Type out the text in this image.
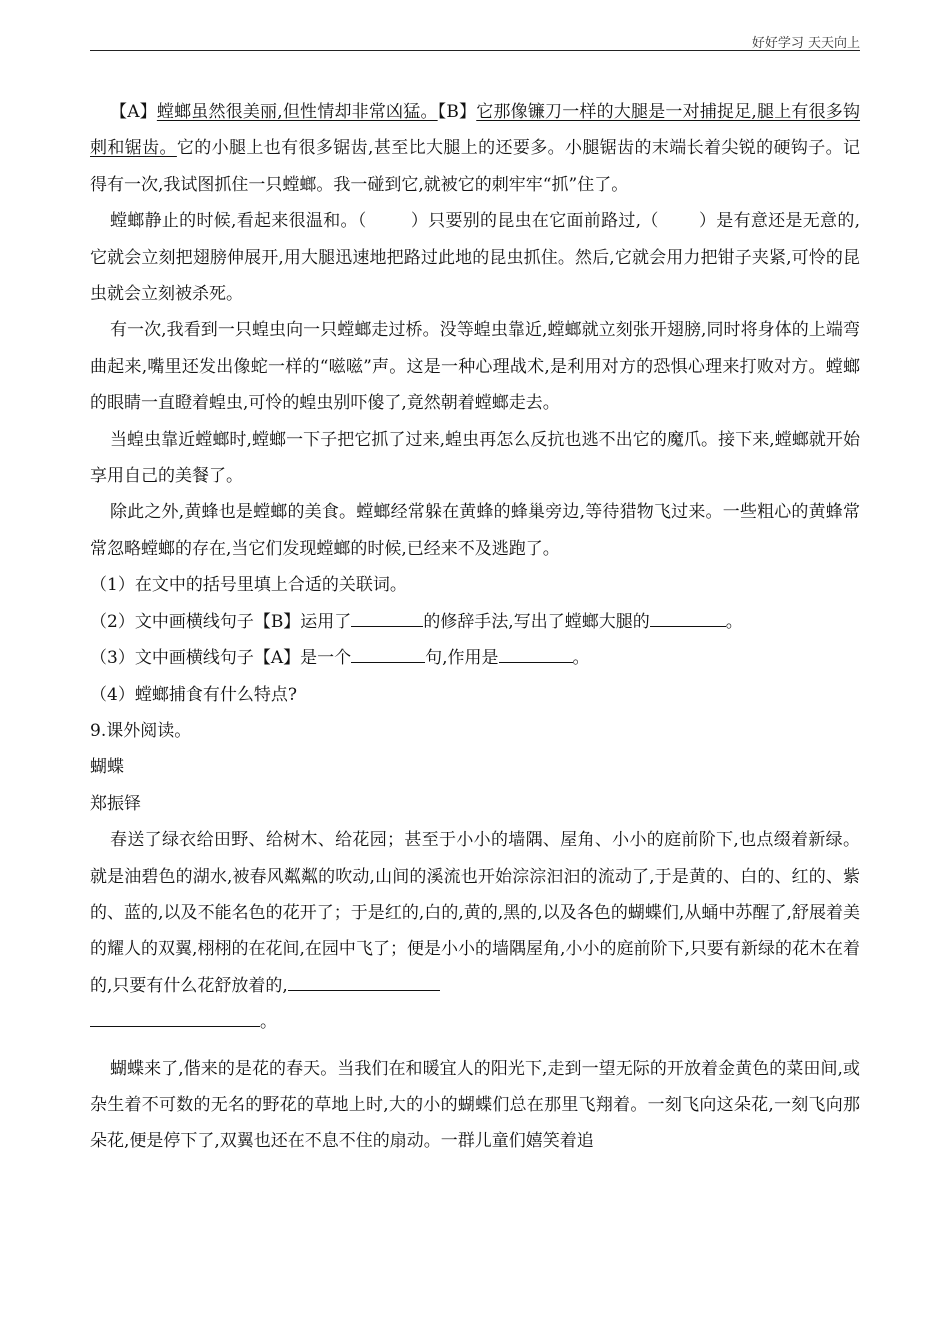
好好学习 天天向上

【A】螳螂虽然很美丽,但性情却非常凶猛。【B】它那像镰刀一样的大腿是一对捕捉足,腿上有很多钩刺和锯齿。它的小腿上也有很多锯齿,甚至比大腿上的还要多。小腿锯齿的末端长着尖锐的硬钩子。记得有一次,我试图抓住一只螳螂。我一碰到它,就被它的刺牢牢“抓”住了。

螳螂静止的时候,看起来很温和。（	）只要别的昆虫在它面前路过,（ ）是有意还是无意的,它就会立刻把翅膀伸展开,用大腿迅速地把路过此地的昆虫抓住。然后,它就会用力把钳子夹紧,可怜的昆虫就会立刻被杀死。

有一次,我看到一只蝗虫向一只螳螂走过桥。没等蝗虫靠近,螳螂就立刻张开翅膀,同时将身体的上端弯曲起来,嘴里还发出像蛇一样的“嗞嗞”声。这是一种心理战术,是利用对方的恐惧心理来打败对方。螳螂的眼睛一直瞪着蝗虫,可怜的蝗虫别吓傻了,竟然朝着螳螂走去。

当蝗虫靠近螳螂时,螳螂一下子把它抓了过来,蝗虫再怎么反抗也逃不出它的魔爪。接下来,螳螂就开始享用自己的美餐了。

除此之外,黄蜂也是螳螂的美食。螳螂经常躲在黄蜂的蜂巢旁边,等待猎物飞过来。一些粗心的黄蜂常常忽略螳螂的存在,当它们发现螳螂的时候,已经来不及逃跑了。

（1）在文中的括号里填上合适的关联词。

（2）文中画横线句子【B】运用了	的修辞手法,写出了螳螂大腿的	。

（3）文中画横线句子【A】是一个	句,作用是	。

（4）螳螂捕食有什么特点?

9.课外阅读。

蝴蝶

郑振铎

春送了绿衣给田野、给树木、给花园；甚至于小小的墙隅、屋角、小小的庭前阶下,也点缀着新绿。就是油碧色的湖水,被春风粼粼的吹动,山间的溪流也开始淙淙汩汩的流动了,于是黄的、白的、红的、紫的、蓝的,以及不能名色的花开了；于是红的,白的,黄的,黑的,以及各色的蝴蝶们,从蛹中苏醒了,舒展着美的耀人的双翼,栩栩的在花间,在园中飞了；便是小小的墙隅屋角,小小的庭前阶下,只要有新绿的花木在着的,只要有什么花舒放着的,
。

蝴蝶来了,偕来的是花的春天。当我们在和暖宜人的阳光下,走到一望无际的开放着金黄色的菜田间,或杂生着不可数的无名的野花的草地上时,大的小的蝴蝶们总在那里飞翔着。一刻飞向这朵花,一刻飞向那朵花,便是停下了,双翼也还在不息不住的扇动。一群儿童们嬉笑着追
